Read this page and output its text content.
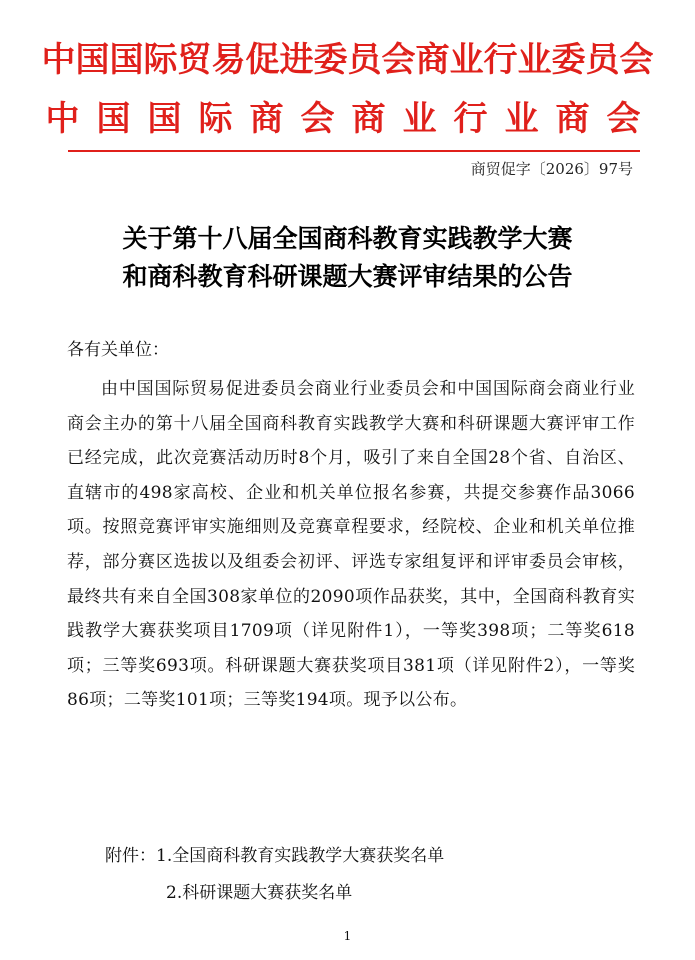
中国国际贸易促进委员会商业行业委员会
中国国际商会商业行业商会
商贸促字〔2026〕97号
关于第十八届全国商科教育实践教学大赛
和商科教育科研课题大赛评审结果的公告
各有关单位：
由中国国际贸易促进委员会商业行业委员会和中国国际商会商业行业商会主办的第十八届全国商科教育实践教学大赛和科研课题大赛评审工作已经完成，此次竞赛活动历时8个月，吸引了来自全国28个省、自治区、直辖市的498家高校、企业和机关单位报名参赛，共提交参赛作品3066项。按照竞赛评审实施细则及竞赛章程要求，经院校、企业和机关单位推荐，部分赛区选拔以及组委会初评、评选专家组复评和评审委员会审核，最终共有来自全国308家单位的2090项作品获奖，其中，全国商科教育实践教学大赛获奖项目1709项（详见附件1），一等奖398项；二等奖618项；三等奖693项。科研课题大赛获奖项目381项（详见附件2），一等奖86项；二等奖101项；三等奖194项。现予以公布。
附件：1.全国商科教育实践教学大赛获奖名单
2.科研课题大赛获奖名单
1
